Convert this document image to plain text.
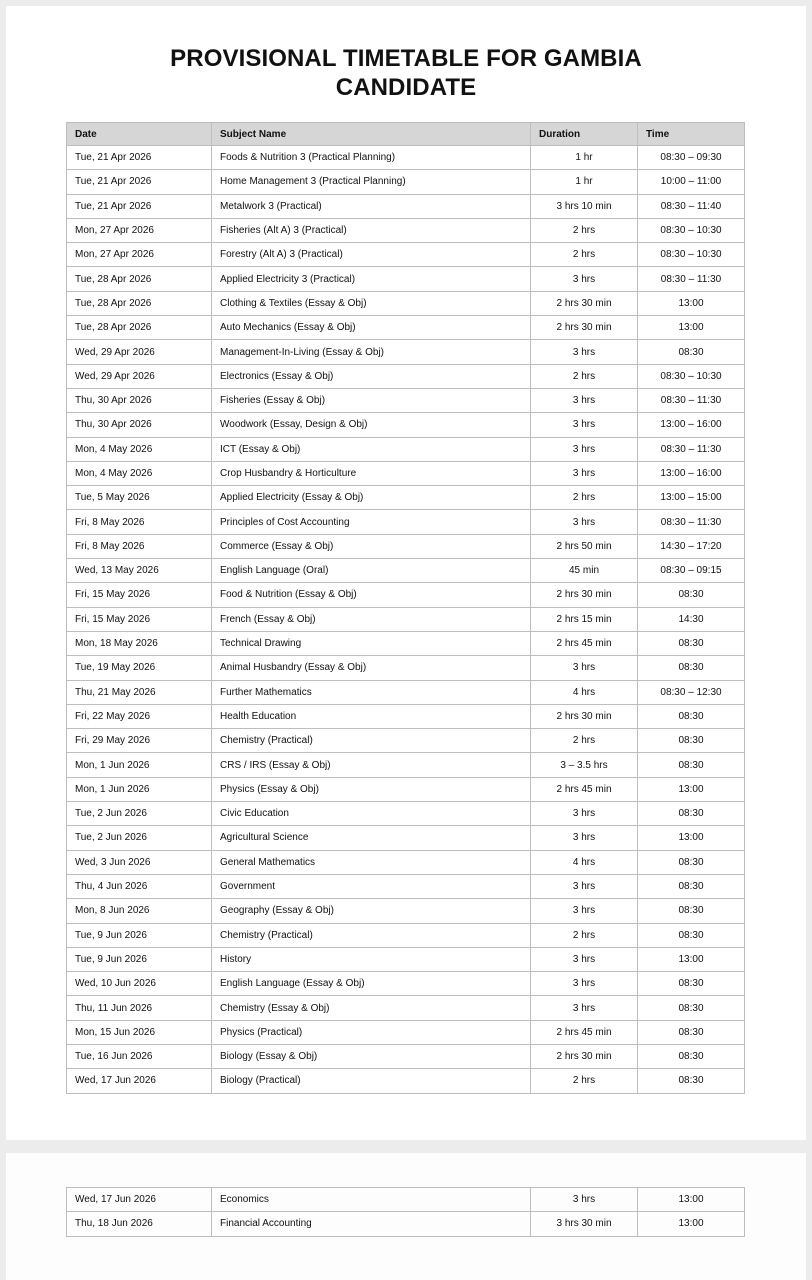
PROVISIONAL TIMETABLE FOR GAMBIA
CANDIDATE
Date	Subject Name	Duration	Time
Tue, 21 Apr 2026	Foods & Nutrition 3 (Practical Planning)	1 hr	08:30 – 09:30
Tue, 21 Apr 2026	Home Management 3 (Practical Planning)	1 hr	10:00 – 11:00
Tue, 21 Apr 2026	Metalwork 3 (Practical)	3 hrs 10 min	08:30 – 11:40
Mon, 27 Apr 2026	Fisheries (Alt A) 3 (Practical)	2 hrs	08:30 – 10:30
Mon, 27 Apr 2026	Forestry (Alt A) 3 (Practical)	2 hrs	08:30 – 10:30
Tue, 28 Apr 2026	Applied Electricity 3 (Practical)	3 hrs	08:30 – 11:30
Tue, 28 Apr 2026	Clothing & Textiles (Essay & Obj)	2 hrs 30 min	13:00
Tue, 28 Apr 2026	Auto Mechanics (Essay & Obj)	2 hrs 30 min	13:00
Wed, 29 Apr 2026	Management-In-Living (Essay & Obj)	3 hrs	08:30
Wed, 29 Apr 2026	Electronics (Essay & Obj)	2 hrs	08:30 – 10:30
Thu, 30 Apr 2026	Fisheries (Essay & Obj)	3 hrs	08:30 – 11:30
Thu, 30 Apr 2026	Woodwork (Essay, Design & Obj)	3 hrs	13:00 – 16:00
Mon, 4 May 2026	ICT (Essay & Obj)	3 hrs	08:30 – 11:30
Mon, 4 May 2026	Crop Husbandry & Horticulture	3 hrs	13:00 – 16:00
Tue, 5 May 2026	Applied Electricity (Essay & Obj)	2 hrs	13:00 – 15:00
Fri, 8 May 2026	Principles of Cost Accounting	3 hrs	08:30 – 11:30
Fri, 8 May 2026	Commerce (Essay & Obj)	2 hrs 50 min	14:30 – 17:20
Wed, 13 May 2026	English Language (Oral)	45 min	08:30 – 09:15
Fri, 15 May 2026	Food & Nutrition (Essay & Obj)	2 hrs 30 min	08:30
Fri, 15 May 2026	French (Essay & Obj)	2 hrs 15 min	14:30
Mon, 18 May 2026	Technical Drawing	2 hrs 45 min	08:30
Tue, 19 May 2026	Animal Husbandry (Essay & Obj)	3 hrs	08:30
Thu, 21 May 2026	Further Mathematics	4 hrs	08:30 – 12:30
Fri, 22 May 2026	Health Education	2 hrs 30 min	08:30
Fri, 29 May 2026	Chemistry (Practical)	2 hrs	08:30
Mon, 1 Jun 2026	CRS / IRS (Essay & Obj)	3 – 3.5 hrs	08:30
Mon, 1 Jun 2026	Physics (Essay & Obj)	2 hrs 45 min	13:00
Tue, 2 Jun 2026	Civic Education	3 hrs	08:30
Tue, 2 Jun 2026	Agricultural Science	3 hrs	13:00
Wed, 3 Jun 2026	General Mathematics	4 hrs	08:30
Thu, 4 Jun 2026	Government	3 hrs	08:30
Mon, 8 Jun 2026	Geography (Essay & Obj)	3 hrs	08:30
Tue, 9 Jun 2026	Chemistry (Practical)	2 hrs	08:30
Tue, 9 Jun 2026	History	3 hrs	13:00
Wed, 10 Jun 2026	English Language (Essay & Obj)	3 hrs	08:30
Thu, 11 Jun 2026	Chemistry (Essay & Obj)	3 hrs	08:30
Mon, 15 Jun 2026	Physics (Practical)	2 hrs 45 min	08:30
Tue, 16 Jun 2026	Biology (Essay & Obj)	2 hrs 30 min	08:30
Wed, 17 Jun 2026	Biology (Practical)	2 hrs	08:30
Wed, 17 Jun 2026	Economics	3 hrs	13:00
Thu, 18 Jun 2026	Financial Accounting	3 hrs 30 min	13:00
